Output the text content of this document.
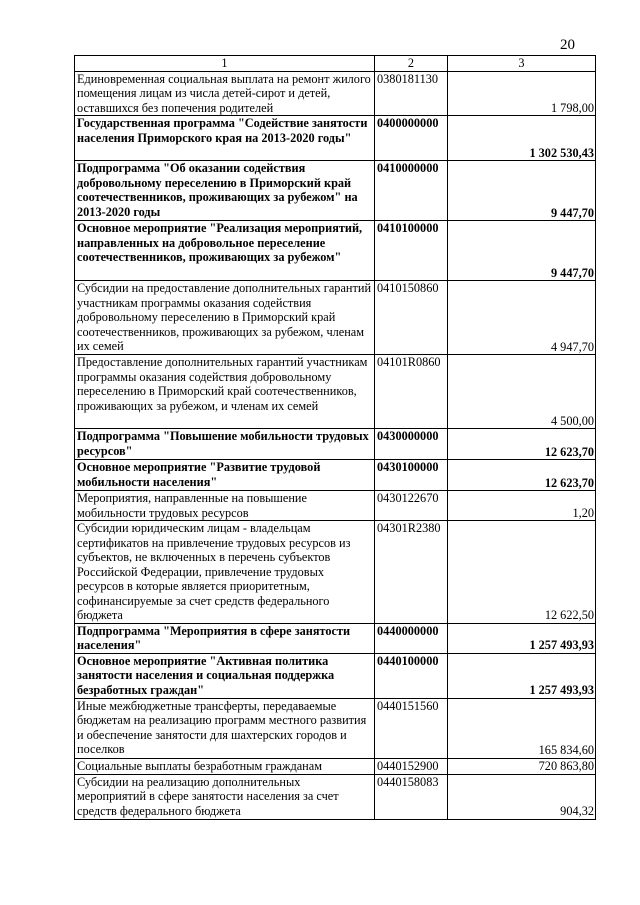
20
1	2	3
Единовременная социальная выплата на ремонт жилого помещения лицам из числа детей-сирот и детей, оставшихся без попечения родителей	0380181130	1 798,00
Государственная программа "Содействие занятости населения Приморского края на 2013-2020 годы"	0400000000	1 302 530,43
Подпрограмма "Об оказании содействия добровольному переселению в Приморский край соотечественников, проживающих за рубежом" на 2013-2020 годы	0410000000	9 447,70
Основное мероприятие "Реализация мероприятий, направленных на добровольное переселение соотечественников, проживающих за рубежом"	0410100000	9 447,70
Субсидии на предоставление дополнительных гарантий участникам программы оказания содействия добровольному переселению в Приморский край соотечественников, проживающих за рубежом, членам их семей	0410150860	4 947,70
Предоставление дополнительных гарантий участникам программы оказания содействия добровольному переселению в Приморский край соотечественников, проживающих за рубежом, и членам их семей	04101R0860	4 500,00
Подпрограмма "Повышение мобильности трудовых ресурсов"	0430000000	12 623,70
Основное мероприятие "Развитие трудовой мобильности населения"	0430100000	12 623,70
Мероприятия, направленные на повышение мобильности трудовых ресурсов	0430122670	1,20
Субсидии юридическим лицам - владельцам сертификатов на привлечение трудовых ресурсов из субъектов, не включенных в перечень субъектов Российской Федерации, привлечение трудовых ресурсов в которые является приоритетным, софинансируемые за счет средств федерального бюджета	04301R2380	12 622,50
Подпрограмма "Мероприятия в сфере занятости населения"	0440000000	1 257 493,93
Основное мероприятие "Активная политика занятости населения и социальная поддержка безработных граждан"	0440100000	1 257 493,93
Иные межбюджетные трансферты, передаваемые бюджетам на реализацию программ местного развития и обеспечение занятости для шахтерских городов и поселков	0440151560	165 834,60
Социальные выплаты безработным гражданам	0440152900	720 863,80
Субсидии на реализацию дополнительных мероприятий в сфере занятости населения за счет средств федерального бюджета	0440158083	904,32
